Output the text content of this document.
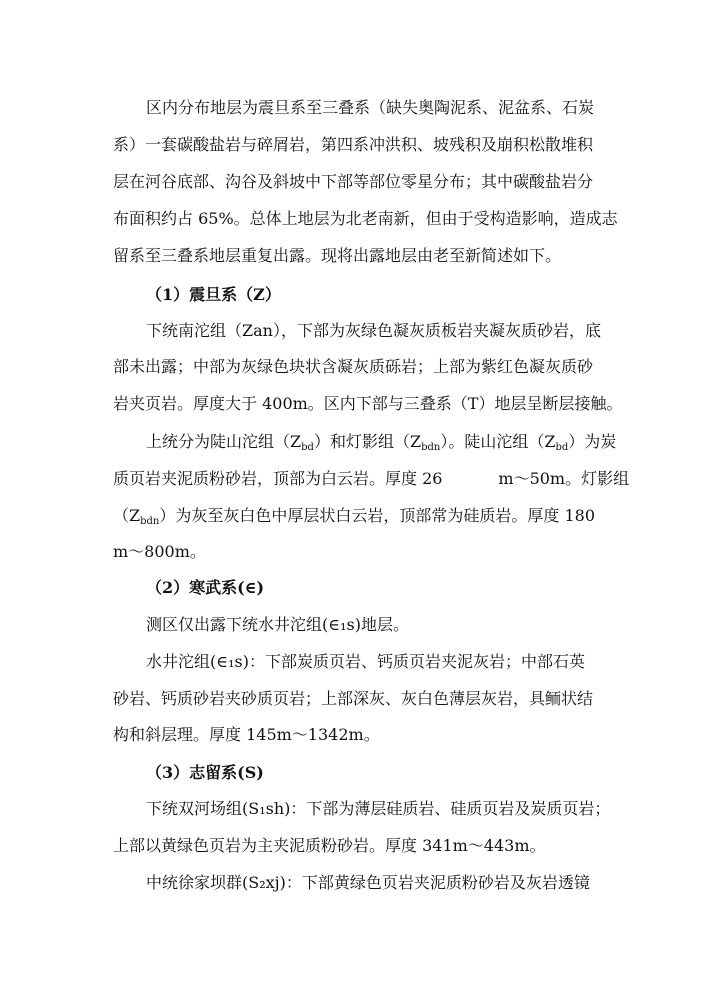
区内分布地层为震旦系至三叠系（缺失奥陶泥系、泥盆系、石炭
系）一套碳酸盐岩与碎屑岩，第四系冲洪积、坡残积及崩积松散堆积
层在河谷底部、沟谷及斜坡中下部等部位零星分布；其中碳酸盐岩分
布面积约占 65%。总体上地层为北老南新，但由于受构造影响，造成志
留系至三叠系地层重复出露。现将出露地层由老至新简述如下。
（1）震旦系（Z）
下统南沱组（Zan），下部为灰绿色凝灰质板岩夹凝灰质砂岩，底
部未出露；中部为灰绿色块状含凝灰质砾岩；上部为紫红色凝灰质砂
岩夹页岩。厚度大于 400m。区内下部与三叠系（T）地层呈断层接触。
上统分为陡山沱组$(Z_{bd})$和灯影组$(Z_{bdn})$。陡山沱组$(Z_{bd})$为炭
质页岩夹泥质粉砂岩，顶部为白云岩。厚度 26           m～50m。灯影组
$(Z_{bdn})$为灰至灰白色中厚层状白云岩，顶部常为硅质岩。厚度 180
m～800m。
（2）寒武系(∈)
测区仅出露下统水井沱组(∈₁s)地层。
水井沱组(∈₁s)：下部炭质页岩、钙质页岩夹泥灰岩；中部石英
砂岩、钙质砂岩夹砂质页岩；上部深灰、灰白色薄层灰岩，具鲕状结
构和斜层理。厚度 145m～1342m。
（3）志留系(S)
下统双河场组(S₁sh)：下部为薄层硅质岩、硅质页岩及炭质页岩；
上部以黄绿色页岩为主夹泥质粉砂岩。厚度 341m～443m。
中统徐家坝群(S₂xj)：下部黄绿色页岩夹泥质粉砂岩及灰岩透镜
